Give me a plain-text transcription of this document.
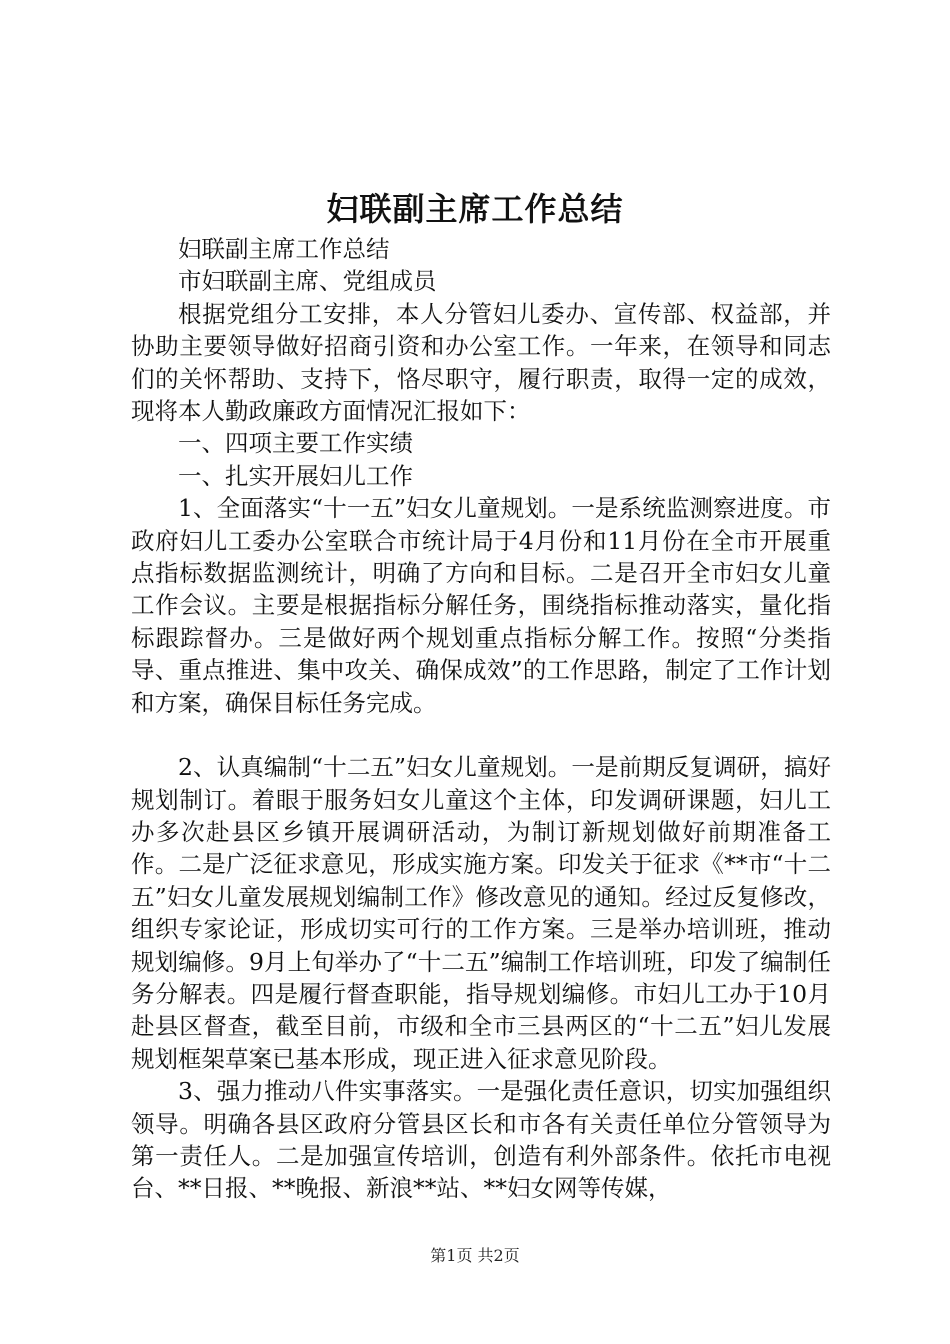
妇联副主席工作总结

妇联副主席工作总结

市妇联副主席、党组成员

根据党组分工安排，本人分管妇儿委办、宣传部、权益部，并协助主要领导做好招商引资和办公室工作。一年来，在领导和同志们的关怀帮助、支持下，恪尽职守，履行职责，取得一定的成效，现将本人勤政廉政方面情况汇报如下：

一、四项主要工作实绩

一、扎实开展妇儿工作

1、全面落实“十一五”妇女儿童规划。一是系统监测察进度。市政府妇儿工委办公室联合市统计局于4月份和11月份在全市开展重点指标数据监测统计，明确了方向和目标。二是召开全市妇女儿童工作会议。主要是根据指标分解任务，围绕指标推动落实，量化指标跟踪督办。三是做好两个规划重点指标分解工作。按照“分类指导、重点推进、集中攻关、确保成效”的工作思路，制定了工作计划和方案，确保目标任务完成。

2、认真编制“十二五”妇女儿童规划。一是前期反复调研，搞好规划制订。着眼于服务妇女儿童这个主体，印发调研课题，妇儿工办多次赴县区乡镇开展调研活动，为制订新规划做好前期准备工作。二是广泛征求意见，形成实施方案。印发关于征求《**市“十二五”妇女儿童发展规划编制工作》修改意见的通知。经过反复修改，组织专家论证，形成切实可行的工作方案。三是举办培训班，推动规划编修。9月上旬举办了“十二五”编制工作培训班，印发了编制任务分解表。四是履行督查职能，指导规划编修。市妇儿工办于10月赴县区督查，截至目前，市级和全市三县两区的“十二五”妇儿发展规划框架草案已基本形成，现正进入征求意见阶段。

3、强力推动八件实事落实。一是强化责任意识，切实加强组织领导。明确各县区政府分管县区长和市各有关责任单位分管领导为第一责任人。二是加强宣传培训，创造有利外部条件。依托市电视台、**日报、**晚报、新浪**站、**妇女网等传媒，

第1页 共2页
